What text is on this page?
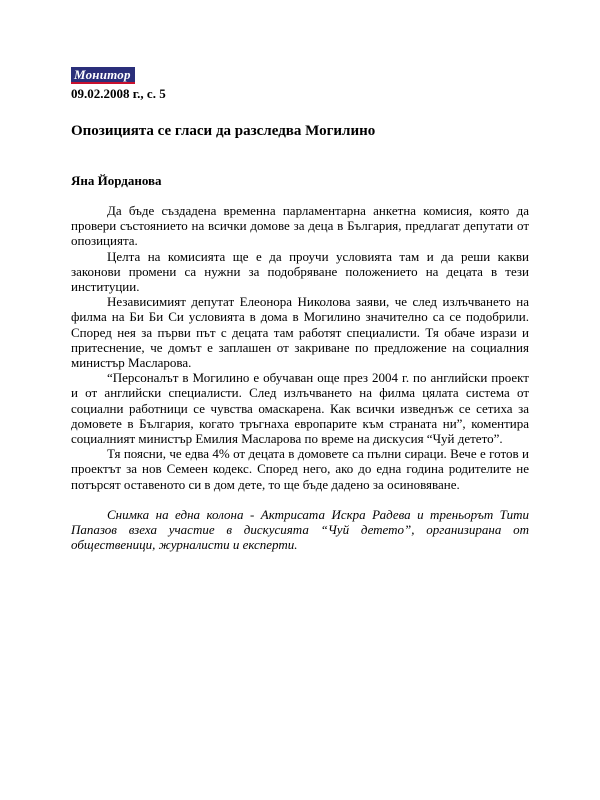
Монитор
09.02.2008 г., с. 5
Опозицията се гласи да разследва Могилино
Яна Йорданова

Да бъде създадена временна парламентарна анкетна комисия, която да провери състоянието на всички домове за деца в България, предлагат депутати от опозицията.

Целта на комисията ще е да проучи условията там и да реши какви законови промени са нужни за подобряване положението на децата в тези институции.

Независимият депутат Елеонора Николова заяви, че след излъчването на филма на Би Би Си условията в дома в Могилино значително са се подобрили. Според нея за първи път с децата там работят специалисти. Тя обаче изрази и притеснение, че домът е заплашен от закриване по предложение на социалния министър Масларова.

“Персоналът в Могилино е обучаван още през 2004 г. по английски проект и от английски специалисти. След излъчването на филма цялата система от социални работници се чувства омаскарена. Как всички изведнъж се сетиха за домовете в България, когато тръгнаха европарите към страната ни”, коментира социалният министър Емилия Масларова по време на дискусия “Чуй детето”.

Тя поясни, че едва 4% от децата в домовете са пълни сираци. Вече е готов и проектът за нов Семеен кодекс. Според него, ако до една година родителите не потърсят оставеното си в дом дете, то ще бъде дадено за осиновяване.

Снимка на една колона - Актрисата Искра Радева и треньорът Тити Папазов взеха участие в дискусията “Чуй детето”, организирана от общественици, журналисти и експерти.
